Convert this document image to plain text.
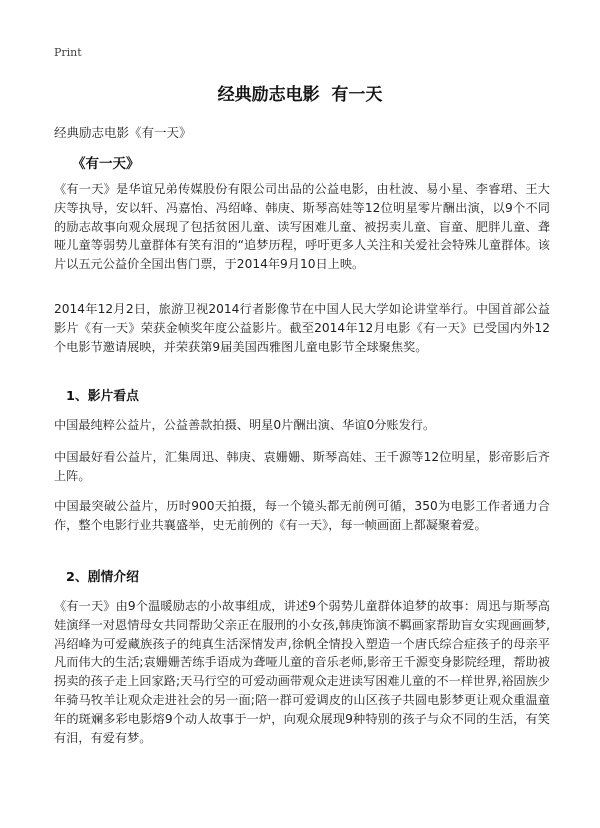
Print
经典励志电影  有一天
经典励志电影《有一天》
《有一天》
《有一天》是华谊兄弟传媒股份有限公司出品的公益电影，由杜波、易小星、李睿珺、王大庆等执导，安以轩、冯嘉怡、冯绍峰、韩庚、斯琴高娃等12位明星零片酬出演，以9个不同的励志故事向观众展现了包括贫困儿童、读写困难儿童、被拐卖儿童、盲童、肥胖儿童、聋哑儿童等弱势儿童群体有笑有泪的“追梦历程，呼吁更多人关注和关爱社会特殊儿童群体。该片以五元公益价全国出售门票，于2014年9月10日上映。
2014年12月2日，旅游卫视2014行者影像节在中国人民大学如论讲堂举行。中国首部公益影片《有一天》荣获金帧奖年度公益影片。截至2014年12月电影《有一天》已受国内外12个电影节邀请展映，并荣获第9届美国西雅图儿童电影节全球聚焦奖。
1、影片看点
中国最纯粹公益片，公益善款拍摄、明星0片酬出演、华谊0分账发行。
中国最好看公益片，汇集周迅、韩庚、袁姗姗、斯琴高娃、王千源等12位明星，影帝影后齐上阵。
中国最突破公益片，历时900天拍摄，每一个镜头都无前例可循，350为电影工作者通力合作，整个电影行业共襄盛举，史无前例的《有一天》，每一帧画面上都凝聚着爱。
2、剧情介绍
《有一天》由9个温暖励志的小故事组成，讲述9个弱势儿童群体追梦的故事：周迅与斯琴高娃演绎一对恩情母女共同帮助父亲正在服刑的小女孩,韩庚饰演不羁画家帮助盲女实现画画梦,冯绍峰为可爱藏族孩子的纯真生活深情发声,徐帆全情投入塑造一个唐氏综合症孩子的母亲平凡而伟大的生活;袁姗姗苦练手语成为聋哑儿童的音乐老师,影帝王千源变身影院经理，帮助被拐卖的孩子走上回家路;天马行空的可爱动画带观众走进读写困难儿童的不一样世界,裕固族少年骑马牧羊让观众走进社会的另一面;陪一群可爱调皮的山区孩子共圆电影梦更让观众重温童年的斑斓多彩电影熔9个动人故事于一炉，向观众展现9种特别的孩子与众不同的生活，有笑有泪，有爱有梦。
